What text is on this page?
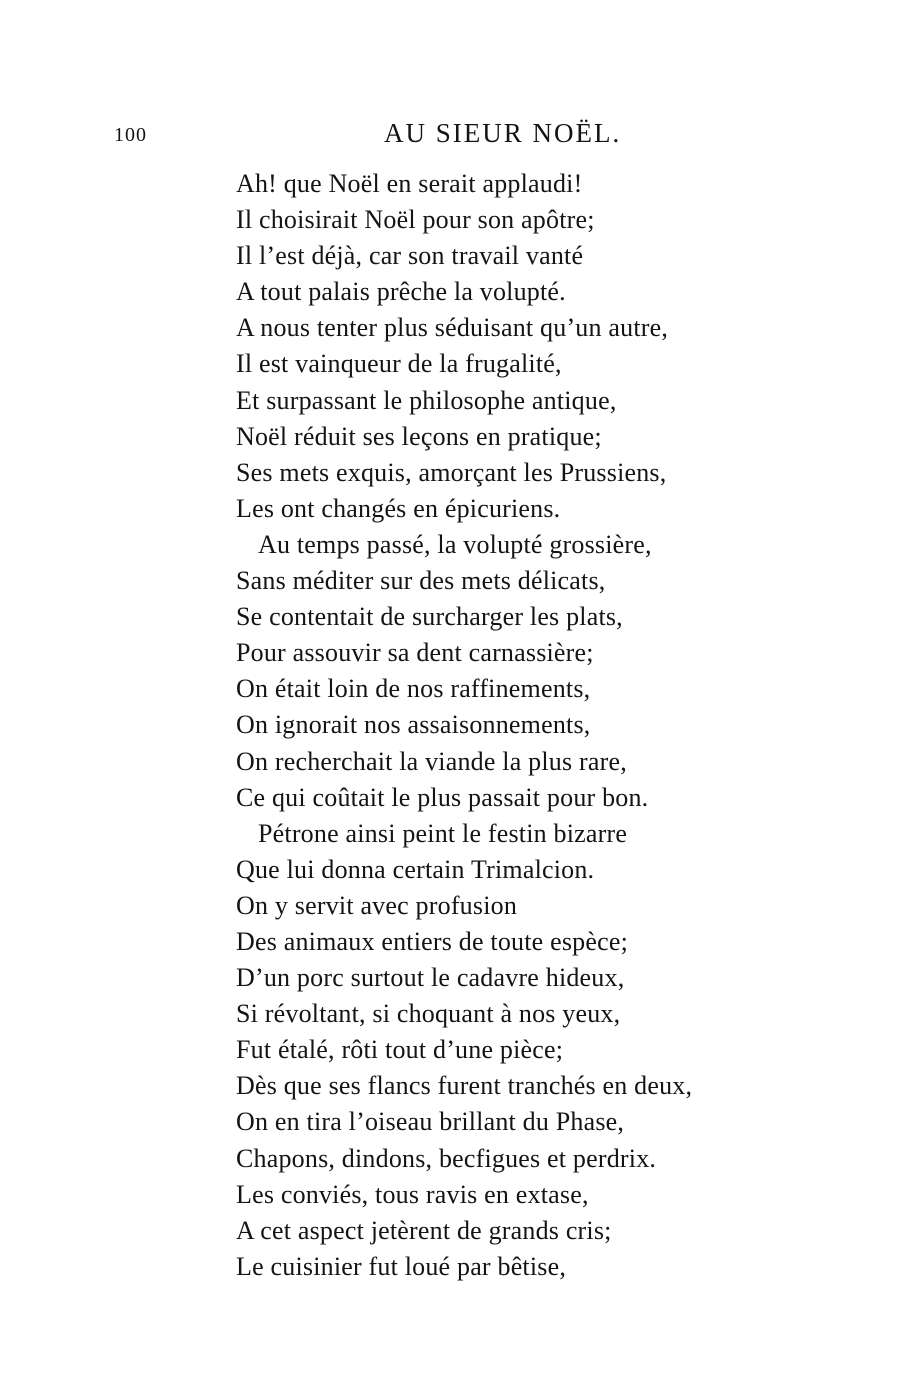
100	AU SIEUR NOËL.
Ah! que Noël en serait applaudi!
Il choisirait Noël pour son apôtre;
Il l’est déjà, car son travail vanté
A tout palais prêche la volupté.
A nous tenter plus séduisant qu’un autre,
Il est vainqueur de la frugalité,
Et surpassant le philosophe antique,
Noël réduit ses leçons en pratique;
Ses mets exquis, amorçant les Prussiens,
Les ont changés en épicuriens.
Au temps passé, la volupté grossière,
Sans méditer sur des mets délicats,
Se contentait de surcharger les plats,
Pour assouvir sa dent carnassière;
On était loin de nos raffinements,
On ignorait nos assaisonnements,
On recherchait la viande la plus rare,
Ce qui coûtait le plus passait pour bon.
Pétrone ainsi peint le festin bizarre
Que lui donna certain Trimalcion.
On y servit avec profusion
Des animaux entiers de toute espèce;
D’un porc surtout le cadavre hideux,
Si révoltant, si choquant à nos yeux,
Fut étalé, rôti tout d’une pièce;
Dès que ses flancs furent tranchés en deux,
On en tira l’oiseau brillant du Phase,
Chapons, dindons, becfigues et perdrix.
Les conviés, tous ravis en extase,
A cet aspect jetèrent de grands cris;
Le cuisinier fut loué par bêtise,
